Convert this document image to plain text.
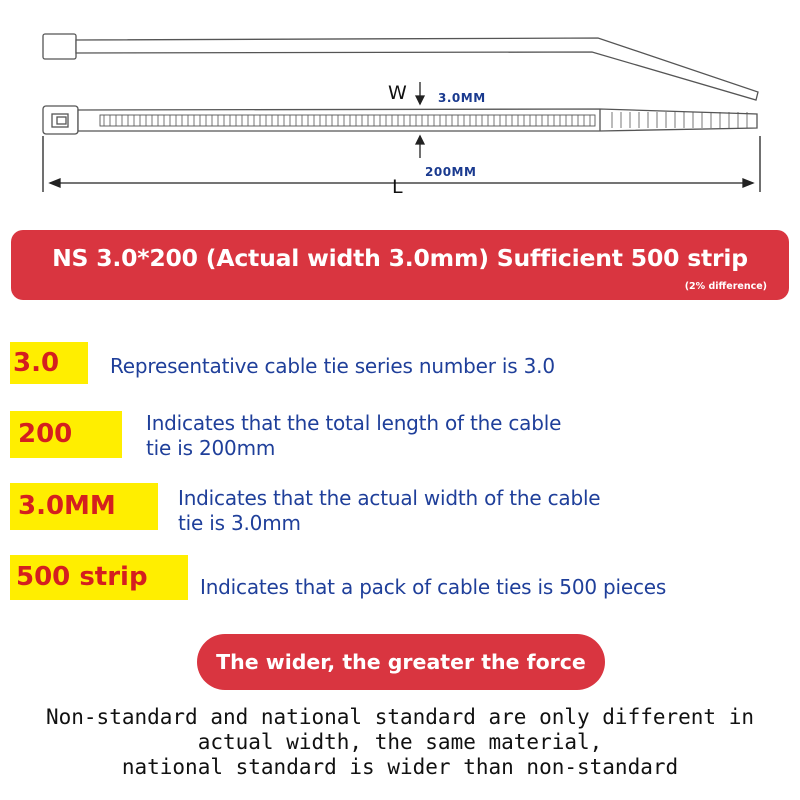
W	3.0MM
L
200MM
NS 3.0*200 (Actual width 3.0mm) Sufficient 500 strip
(2% difference)
3.0	Representative cable tie series number is 3.0
200	Indicates that the total length of the cable
tie is 200mm
3.0MM	Indicates that the actual width of the cable
tie is 3.0mm
500 strip	Indicates that a pack of cable ties is 500 pieces
The wider, the greater the force
Non-standard and national standard are only different in
actual width, the same material,
national standard is wider than non-standard
